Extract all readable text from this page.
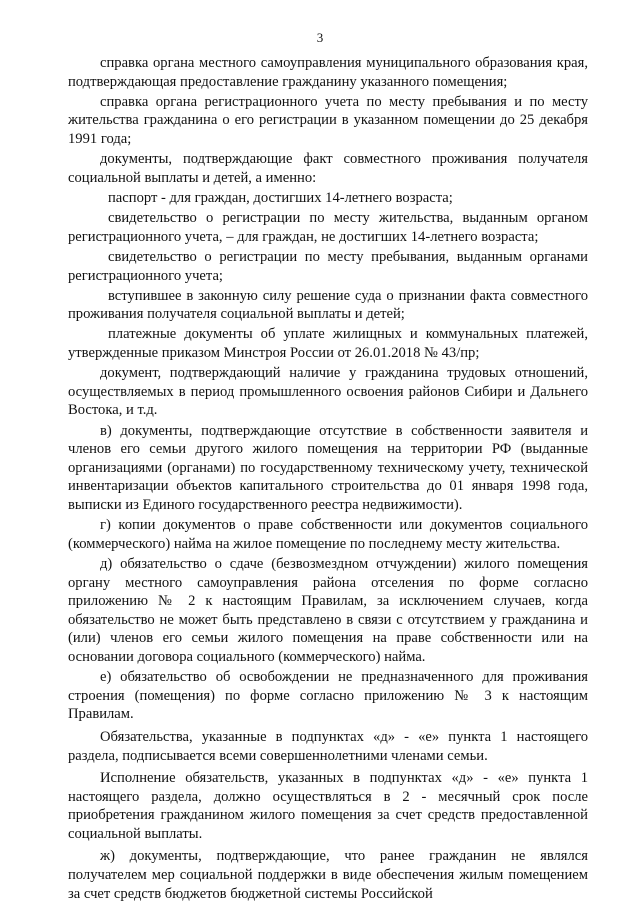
3

справка органа местного самоуправления муниципального образования края, подтверждающая предоставление гражданину указанного помещения;

справка органа регистрационного учета по месту пребывания и по месту жительства гражданина о его регистрации в указанном помещении до 25 декабря 1991 года;

документы, подтверждающие факт совместного проживания получателя социальной выплаты и детей, а именно:

паспорт - для граждан, достигших 14-летнего возраста;

свидетельство о регистрации по месту жительства, выданным органом регистрационного учета, – для граждан, не достигших 14-летнего возраста;

свидетельство о регистрации по месту пребывания, выданным органами регистрационного учета;

вступившее в законную силу решение суда о признании факта совместного проживания получателя социальной выплаты и детей;

платежные документы об уплате жилищных и коммунальных платежей, утвержденные приказом Минстроя России от 26.01.2018 № 43/пр;

документ, подтверждающий наличие у гражданина трудовых отношений, осуществляемых в период промышленного освоения районов Сибири и Дальнего Востока, и т.д.

в) документы, подтверждающие отсутствие в собственности заявителя и членов его семьи другого жилого помещения на территории РФ (выданные организациями (органами) по государственному техническому учету, технической инвентаризации объектов капитального строительства до 01 января 1998 года, выписки из Единого государственного реестра недвижимости).

г) копии документов о праве собственности или документов социального (коммерческого) найма на жилое помещение по последнему месту жительства.

д) обязательство о сдаче (безвозмездном отчуждении) жилого помещения органу местного самоуправления района отселения по форме согласно приложению № 2 к настоящим Правилам, за исключением случаев, когда обязательство не может быть представлено в связи с отсутствием у гражданина и (или) членов его семьи жилого помещения на праве собственности или на основании договора социального (коммерческого) найма.

е) обязательство об освобождении не предназначенного для проживания строения (помещения) по форме согласно приложению № 3 к настоящим Правилам.

Обязательства, указанные в подпунктах «д» - «е» пункта 1 настоящего раздела, подписывается всеми совершеннолетними членами семьи.

Исполнение обязательств, указанных в подпунктах «д» - «е» пункта 1 настоящего раздела, должно осуществляться в 2 - месячный срок после приобретения гражданином жилого помещения за счет средств предоставленной социальной выплаты.

ж) документы, подтверждающие, что ранее гражданин не являлся получателем мер социальной поддержки в виде обеспечения жилым помещением за счет средств бюджетов бюджетной системы Российской
